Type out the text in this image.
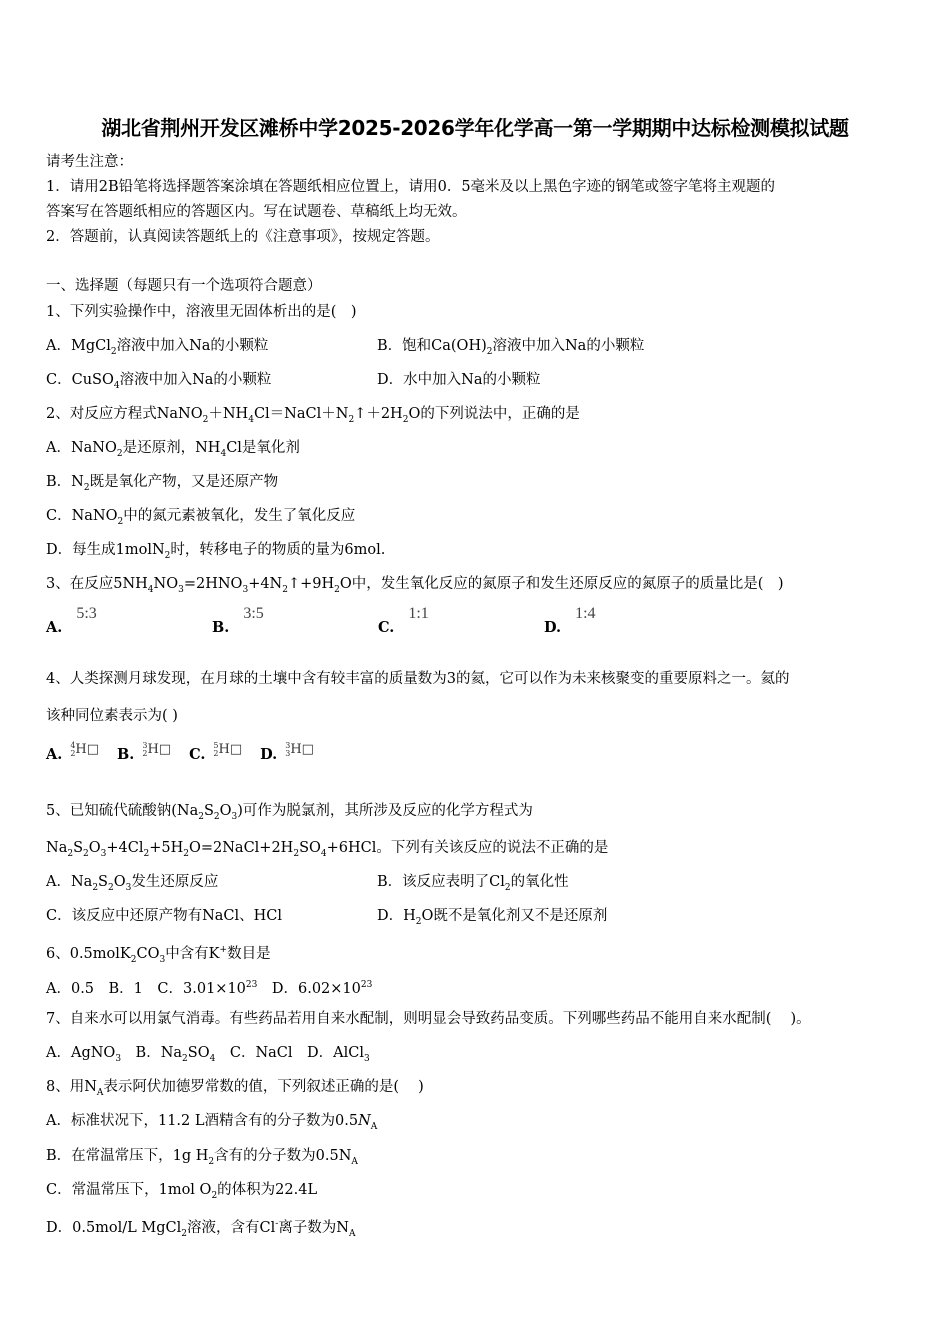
湖北省荆州开发区滩桥中学2025-2026学年化学高一第一学期期中达标检测模拟试题
请考生注意：
1．请用2B铅笔将选择题答案涂填在答题纸相应位置上，请用0．5毫米及以上黑色字迹的钢笔或签字笔将主观题的
答案写在答题纸相应的答题区内。写在试题卷、草稿纸上均无效。
2．答题前，认真阅读答题纸上的《注意事项》，按规定答题。
一、选择题（每题只有一个选项符合题意）
1、下列实验操作中，溶液里无固体析出的是(　)
A．MgCl$_2$溶液中加入Na的小颗粒	B．饱和$Ca(OH)_2$溶液中加入Na的小颗粒
C．CuSO$_4$溶液中加入Na的小颗粒	D．水中加入Na的小颗粒
2、对反应方程式$NaNO_2+NH_4Cl=NaCl+N_2↑+2H_2O$的下列说法中，正确的是
A．NaNO$_2$是还原剂，$NH_4Cl$是氧化剂
B．$N_2$既是氧化产物，又是还原产物
C．NaNO$_2$中的氮元素被氧化，发生了氧化反应
D．每生成1molN$_2$时，转移电子的物质的量为6mol.
3、在反应$5NH_4NO_3=2HNO_3+4N_2↑+9H_2O$中，发生氧化反应的氮原子和发生还原反应的氮原子的质量比是(　)
A.5:3B.3:5C.1:1D.1:4
4、人类探测月球发现，在月球的土壤中含有较丰富的质量数为3的氦，它可以作为未来核聚变的重要原料之一。氦的
该种同位素表示为( )
A.4
2H□ B.3
2H□ C.5
2H□ D.3
3H□
5、已知硫代硫酸钠$(Na_2S_2O_3)$可作为脱氯剂，其所涉及反应的化学方程式为
$Na_2S_2O_3+4Cl_2+5H_2O=2NaCl+2H_2SO_4+6HCl$。下列有关该反应的说法不正确的是
A．$Na_2S_2O_3$发生还原反应	B．该反应表明了$Cl_2$的氧化性
C．该反应中还原产物有NaCl、HCl	D．$H_2O$既不是氧化剂又不是还原剂
6、$0.5molK_2CO_3$中含有K+数目是
A．0.5　B．1　C．$3.01\times 10^{23}$　D．$6.02\times 10^{23}$
7、自来水可以用氯气消毒。有些药品若用自来水配制，则明显会导致药品变质。下列哪些药品不能用自来水配制(　 )。
A．AgNO$_3$　B．$Na_2SO_4$　C．NaCl　D．AlCl$_3$
8、用$N_A$表示阿伏加德罗常数的值，下列叙述正确的是(　 )
A．标准状况下，11.2 L酒精含有的分子数为$0.5N_A$
B．在常温常压下，1g $H_2$含有的分子数为$0.5N_A$
C．常温常压下，1mol $O_2$的体积为22.4L
D．0.5mol/L MgCl$_2$溶液，含有Cl-离子数为$N_A$
